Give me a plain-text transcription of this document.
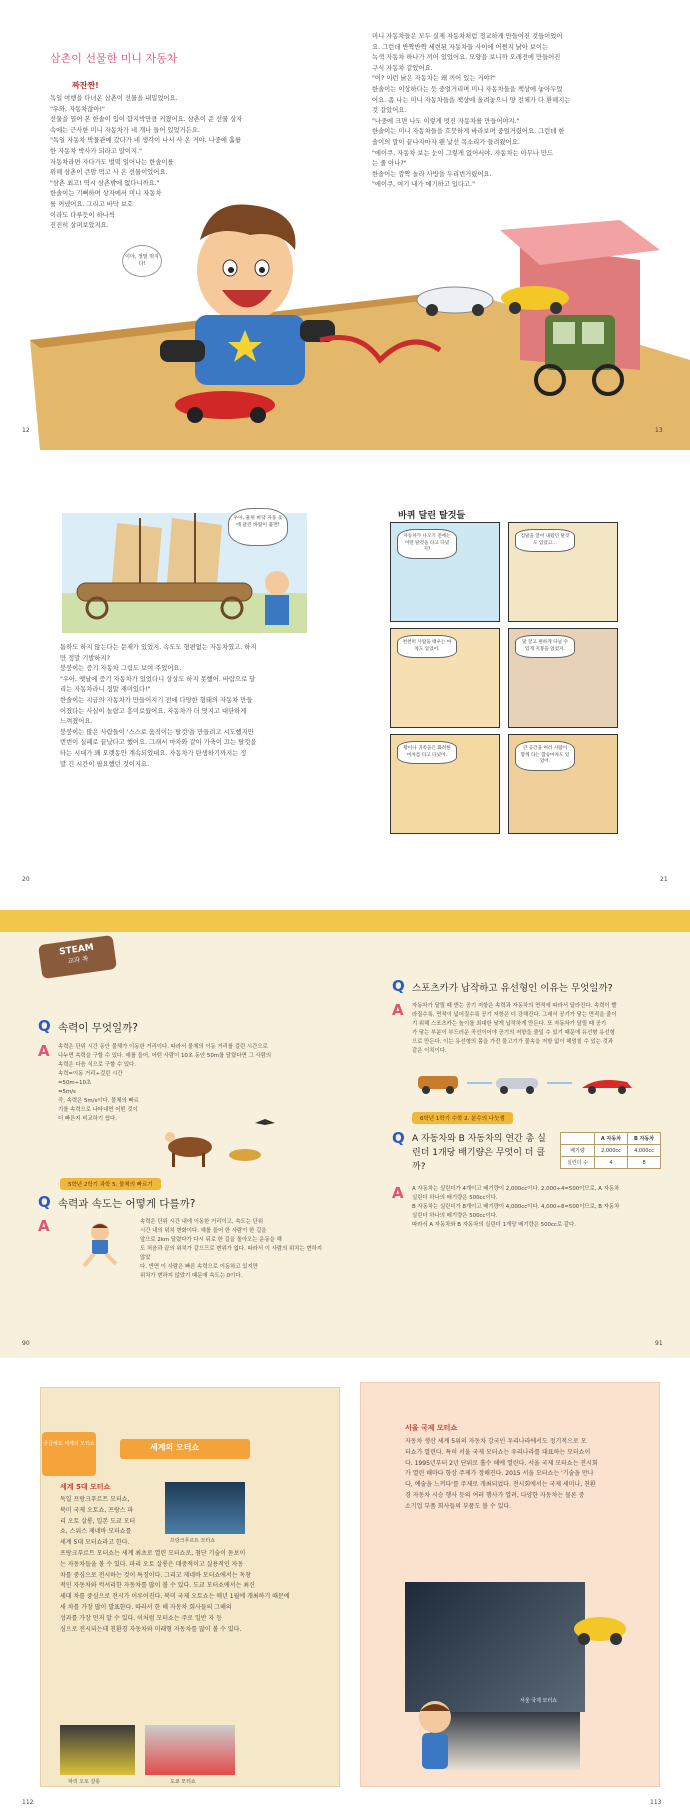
삼촌이 선물한 미니 자동차
짜잔짠!

독일 여행을 다녀온 삼촌이 선물을 내밀었어요.

"우와, 자동차잖아!"

선물을 열어 본 한솔이 입이 함지박만큼 커졌어요. 삼촌이 준 선물 상자

속에는 근사한 미니 자동차가 네 개나 들어 있었거든요.

"독일 자동차 박물관에 갔다가 네 생각이 나서 사 온 거야. 나중에 훌륭

한 자동차 박사가 되라고 말이지."

자동차라면 자다가도 벌떡 일어나는 한솔이를

위해 삼촌이 큰맘 먹고 사 온 선물이었어요.

"삼촌 최고! 역시 삼촌밖에 없다니까요."

한솔이는 기뻐하며 상자에서 미니 자동차

를 꺼냈어요. 그리고 바닥 보호

이라도 다루듯이 하나씩

진진히 살펴보았지요.

미니 자동차들은 모두 실제 자동차처럼 정교하게 만들어진 것들이었어

요. 그런데 반짝반짝 세련된 자동차들 사이에 어쩐지 낡아 보이는

녹색 자동차 하나가 끼어 있었어요. 모양을 보니까 오래전에 만들어진

구식 자동차 같았어요.

"어? 이런 낡은 자동차는 왜 끼어 있는 거야?"

한솔이는 이상하다는 듯 중얼거리며 미니 자동차들을 책상에 놓아두었

어요. 좀 나는 미니 자동차들을 책상에 올려놓으니 양 전체가 다 환해지는

것 같았어요.

"나중에 크면 나도 이렇게 멋진 자동차를 만들어야지."

한솔이는 미니 자동차들을 흐뭇하게 바라보며 중얼거렸어요. 그런데 한

솔이의 말이 끝나자마자 왠 낯선 목소리가 들려왔어요.

"에이쿠, 자동차 보는 눈이 그렇게 없어서야. 자동차는 아무나 만드

는 줄 아나?"

한솔이는 깜짝 놀라 사방을 두리번거렸어요.

"에이쿠, 여기 내가 얘기하고 있다고."

이야, 정말 멋지다!
12	13
우아, 물위 바닥 자동 돛에 달린 바람이 불면!

틈하도 하지 않는다는 문제가 있었지. 속도도 형편없는 자동차였고. 하지

만 정말 기발하지?

붕붕이는 증기 자동차 그림도 보여 주었어요.

"우아, 옛날에 증기 자동차가 있었다니 상상도 하지 못했어. 바람으로 달

리는 자동차라니 정말 재미있다!"

한솔이는 지금의 자동차가 만들어지기 전에 다양한 형태의 자동차 만들

어졌다는 사실이 놀랍고 흥미로웠어요. 자동차가 더 멋지고 대단하게

느껴졌어요.

붕붕이는 많은 사람들이 '스스로 움직이는 탈것'을 만들려고 시도했지만

번번이 실패로 끝났다고 했어요. 그래서 마차와 같이 가축이 끄는 탈것을

타는 시대가 꽤 오랫동안 계속되었대요. 자동차가 탄생하기까지는 정

말 긴 시간이 필요했던 것이지요.

바퀴 달린 탈것들
자동차가 나오기 전에는 어떤 탈것을 타고 다녔지?
짐말을 끌어 내왔던 탈것도 있었고…
천천히 사람을 태우는 마차도 있었어.
말 끌고 편하게 다닐 수 있게 지붕을 얹었지.
왕이나 귀족들은 화려한 마차를 타고 다녔어.
큰 공간을 여러 사람이 함께 타는 합승마차도 있었어.
20	21
STEAM
교과 쏙
Q 속력이 무엇일까?
A	속력은 단위 시간 동안 물체가 이동한 거리이다. 따라서 물체의 이동 거리를 걸린 시간으로

나누면 속력을 구할 수 있다. 예를 들어, 어떤 사람이 10초 동안 50m를 달렸다면 그 사람의

속력은 다음 식으로 구할 수 있다.

속력=이동 거리÷걸린 시간

=50m÷10초

=5m/s

즉, 속력은 5m/s이다. 물체의 빠르

기를 속력으로 나타내면 어떤 것이

더 빠른지 비교하기 쉽다.

5학년 2학기 과학 5. 물체의 빠르기
Q 속력과 속도는 어떻게 다를까?
A	속력은 단위 시간 내에 이동한 거리이고, 속도는 단위

시간 내의 위치 변화이다. 예를 들어 한 사람이 한 길을

앞으로 2km 달렸다가 다시 뒤로 한 길을 돌아오는 운동을 해

도 처음과 끝의 위치가 같으므로 변위가 없다. 따라서 이 사람의 위치는 변하지 않았

다. 반면 이 사람은 빠른 속력으로 이동하고 있지만

위치가 변하지 않았기 때문에 속도는 0이다.

Q 스포츠카가 납작하고 유선형인 이유는 무엇일까?
A	자동차가 달릴 때 받는 공기 저항은 속력과 자동차의 면적에 따라서 달라진다. 속력이 빨

라질수록, 면적이 넓어질수록 공기 저항은 더 강해진다. 그래서 공기가 닿는 면적을 줄이

기 위해 스포츠카는 높이를 최대한 낮게 납작하게 만든다. 또 자동차가 달릴 때 공기

가 닿는 부분이 부드러운 곡선이어야 공기의 저항을 줄일 수 있기 때문에 유선형 유선형

으로 만든다. 이는 유선형의 몸을 가진 물고기가 물속을 저항 없이 헤엄칠 수 있는 것과

같은 이치이다.

6학년 1학기 수학 2. 분수의 나눗셈
Q A 자동차와 B 자동차의 연간 총 실린더 1개당 배기량은 무엇이 더 클까?
	A 자동차	B 자동차
배기량	2,000cc	4,000cc
실린더 수	4	8
A	A 자동차는 실린더가 4개이고 배기량이 2,000cc이다. 2,000÷4=500이므로, A 자동차

실린더 하나의 배기량은 500cc이다.

B 자동차는 실린더가 8개이고 배기량이 4,000cc이다. 4,000÷8=500이므로, B 자동차

실린더 하나의 배기량은 500cc이다.

따라서 A 자동차와 B 자동차의 실린더 1개당 배기량은 500cc로 같다.

90	91
궁금해요 세계의 모터쇼	세계의 모터쇼
세계 5대 모터쇼

독일 프랑크푸르트 모터쇼,

북미 국제 오토쇼, 프랑스 파

리 오토 살롱, 일본 도쿄 모터

쇼, 스위스 제네바 모터쇼를

세계 5대 모터쇼라고 한다.

프랑크푸르트 모터쇼는 세계 최초로 열린 모터쇼로, 첨단 기술이 돋보이

는 자동차들을 볼 수 있다. 파리 오토 살롱은 대중적이고 실용적인 자동

차를 중심으로 전시하는 것이 특징이다. 그리고 제네바 모터쇼에서는 독창

적인 자동차와 럭셔리한 자동차를 많이 볼 수 있다. 도쿄 모터쇼에서는 최신

세대 차를 중심으로 전시가 이루어진다. 북미 국제 오토쇼는 매년 1월에 개최하기 때문에

새 차를 가장 많이 발표한다. 따라서 한 해 자동차 회사들의 그해의

성과를 가장 먼저 알 수 있다. 이처럼 모터쇼는 주로 일반 자 등

심으로 전시되는데 친환경 자동차와 미래형 자동차를 많이 볼 수 있다.

프랑크푸르트 모터쇼
파리 오토 살롱	도쿄 모터쇼
서울 국제 모터쇼

자동차 생산 세계 5위의 자동차 강국인 우리나라에서도 정기적으로 모

터쇼가 열린다. 특히 서울 국제 모터쇼는 우리나라를 대표하는 모터쇼이

다. 1995년부터 2년 단위로 홀수 해에 열린다. 서울 국제 모터쇼는 전시회

가 열린 해마다 항상 주제가 정해진다. 2015 서울 모터쇼는 '기술을 만나

다, 예술을 느끼다'를 주제로 개최되었다. 전시회에서는 국제 세미나, 친환

경 자동차 시승 행사 등의 여러 행사가 열려, 다양한 자동차는 물론 중

소기업 부품 회사들의 부품도 볼 수 있다.

서울 국제 모터쇼
112	113
